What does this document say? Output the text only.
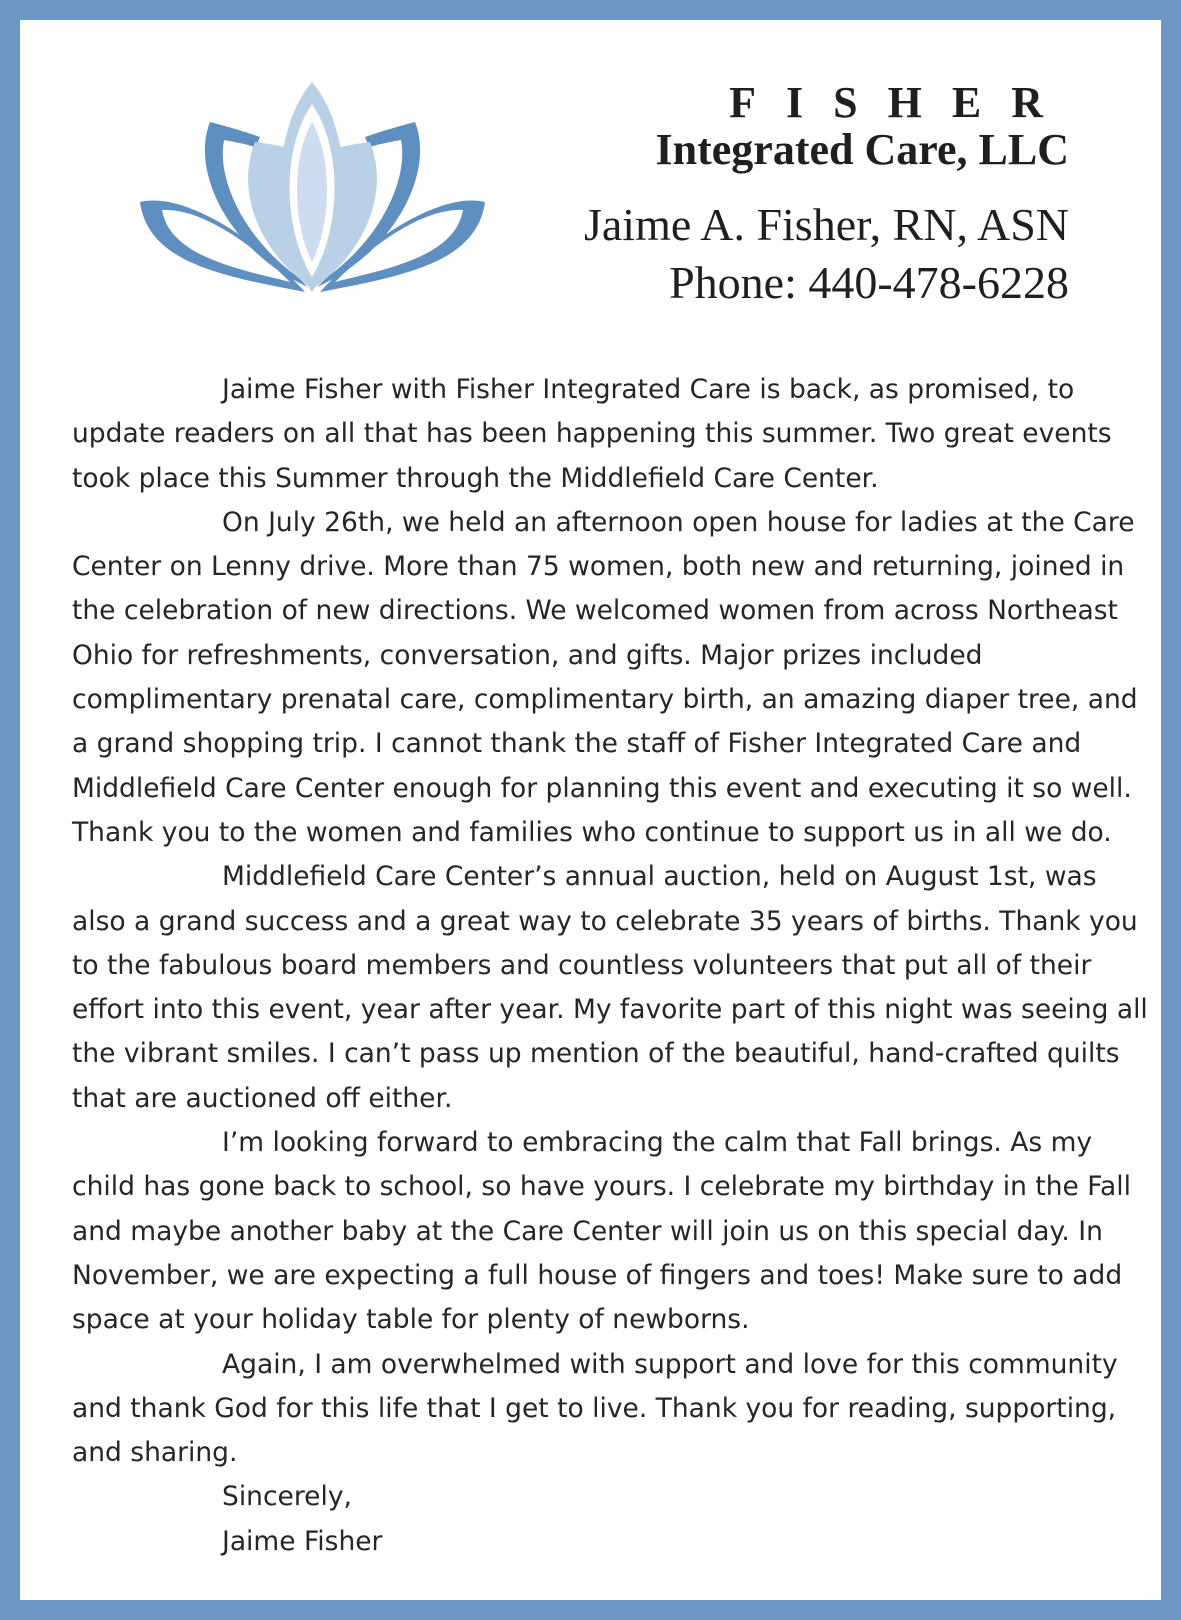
FISHER
Integrated Care, LLC
Jaime A. Fisher, RN, ASN
Phone: 440-478-6228

Jaime Fisher with Fisher Integrated Care is back, as promised, to update readers on all that has been happening this summer. Two great events took place this Summer through the Middlefield Care Center.

On July 26th, we held an afternoon open house for ladies at the Care Center on Lenny drive. More than 75 women, both new and returning, joined in the celebration of new directions. We welcomed women from across Northeast Ohio for refreshments, conversation, and gifts. Major prizes included complimentary prenatal care, complimentary birth, an amazing diaper tree, and a grand shopping trip. I cannot thank the staff of Fisher Integrated Care and Middlefield Care Center enough for planning this event and executing it so well. Thank you to the women and families who continue to support us in all we do.

Middlefield Care Center’s annual auction, held on August 1st, was also a grand success and a great way to celebrate 35 years of births. Thank you to the fabulous board members and countless volunteers that put all of their effort into this event, year after year. My favorite part of this night was seeing all the vibrant smiles. I can’t pass up mention of the beautiful, hand-crafted quilts that are auctioned off either.

I’m looking forward to embracing the calm that Fall brings. As my child has gone back to school, so have yours. I celebrate my birthday in the Fall and maybe another baby at the Care Center will join us on this special day. In November, we are expecting a full house of fingers and toes! Make sure to add space at your holiday table for plenty of newborns.

Again, I am overwhelmed with support and love for this community and thank God for this life that I get to live. Thank you for reading, supporting, and sharing.

Sincerely,
Jaime Fisher
